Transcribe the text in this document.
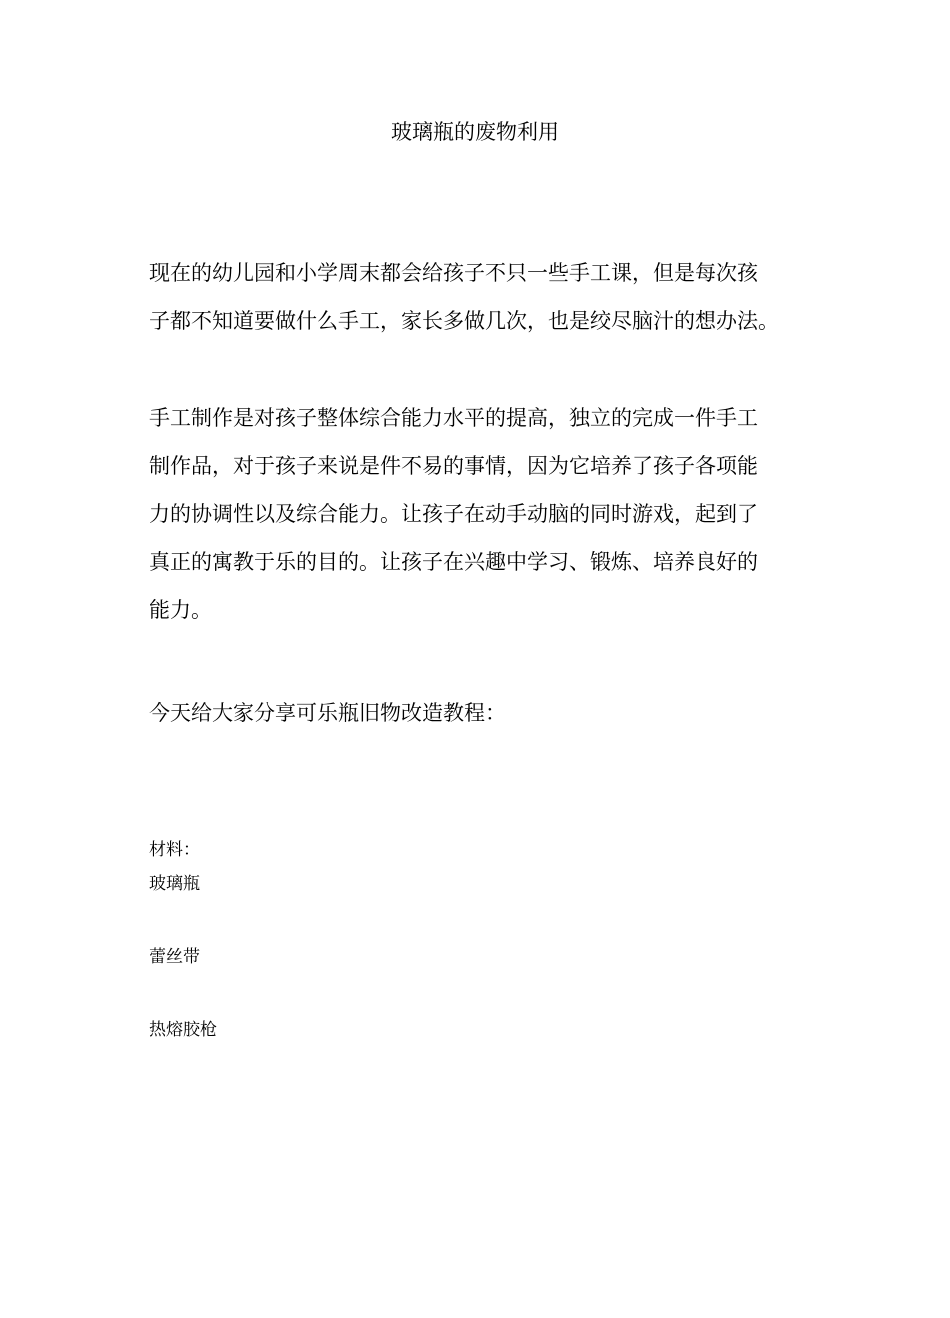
玻璃瓶的废物利用
现在的幼儿园和小学周末都会给孩子不只一些手工课，但是每次孩
子都不知道要做什么手工，家长多做几次，也是绞尽脑汁的想办法。
手工制作是对孩子整体综合能力水平的提高，独立的完成一件手工
制作品，对于孩子来说是件不易的事情，因为它培养了孩子各项能
力的协调性以及综合能力。让孩子在动手动脑的同时游戏，起到了
真正的寓教于乐的目的。让孩子在兴趣中学习、锻炼、培养良好的
能力。
今天给大家分享可乐瓶旧物改造教程：
材料：
玻璃瓶
蕾丝带
热熔胶枪
